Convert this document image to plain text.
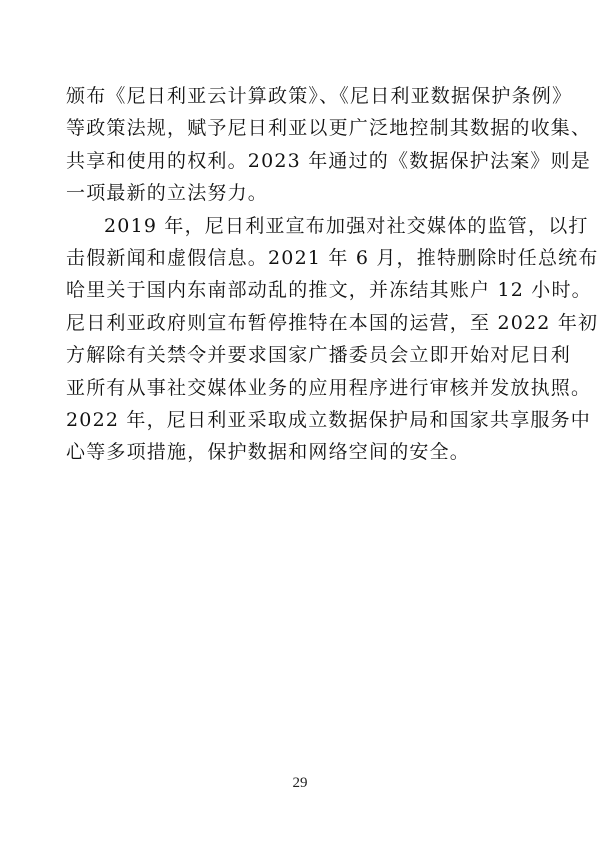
颁布《尼日利亚云计算政策》、《尼日利亚数据保护条例》
等政策法规，赋予尼日利亚以更广泛地控制其数据的收集、
共享和使用的权利。2023 年通过的《数据保护法案》则是
一项最新的立法努力。

2019 年，尼日利亚宣布加强对社交媒体的监管，以打
击假新闻和虚假信息。2021 年 6 月，推特删除时任总统布
哈里关于国内东南部动乱的推文，并冻结其账户 12 小时。
尼日利亚政府则宣布暂停推特在本国的运营，至 2022 年初
方解除有关禁令并要求国家广播委员会立即开始对尼日利
亚所有从事社交媒体业务的应用程序进行审核并发放执照。
2022 年，尼日利亚采取成立数据保护局和国家共享服务中
心等多项措施，保护数据和网络空间的安全。

29
